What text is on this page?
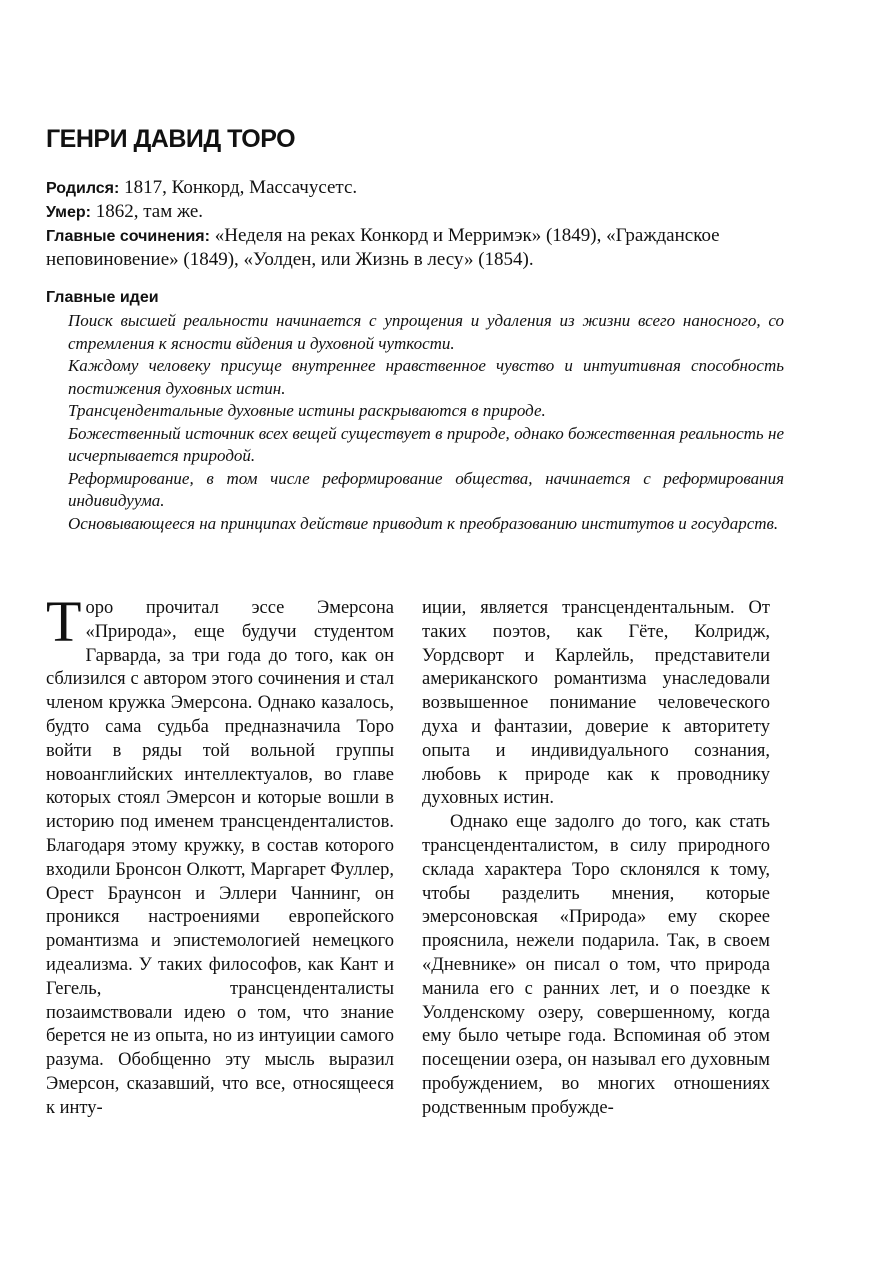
ГЕНРИ ДАВИД ТОРО

Родился: 1817, Конкорд, Массачусетс.

Умер: 1862, там же.

Главные сочинения: «Неделя на реках Конкорд и Мерримэк» (1849), «Гражданское неповиновение» (1849), «Уолден, или Жизнь в лесу» (1854).

Главные идеи

Поиск высшей реальности начинается с упрощения и удаления из жизни всего наносного, со стремления к ясности вйдения и духовной чуткости.

Каждому человеку присуще внутреннее нравственное чувство и интуитивная способность постижения духовных истин.

Трансцендентальные духовные истины раскрываются в природе.

Божественный источник всех вещей существует в природе, однако божественная реальность не исчерпывается природой.

Реформирование, в том числе реформирование общества, начинается с реформирования индивидуума.

Основывающееся на принципах действие приводит к преобразованию институтов и государств.

Торо прочитал эссе Эмерсона «Природа», еще будучи студентом Гарварда, за три года до того, как он сблизился с автором этого сочинения и стал членом кружка Эмерсона. Однако казалось, будто сама судьба предназначила Торо войти в ряды той вольной группы новоанглийских интеллектуалов, во главе которых стоял Эмерсон и которые вошли в историю под именем трансценденталистов. Благодаря этому кружку, в состав которого входили Бронсон Олкотт, Маргарет Фуллер, Орест Браунсон и Эллери Чаннинг, он проникся настроениями европейского романтизма и эпистемологией немецкого идеализма. У таких философов, как Кант и Гегель, трансценденталисты позаимствовали идею о том, что знание берется не из опыта, но из интуиции самого разума. Обобщенно эту мысль выразил Эмерсон, сказавший, что все, относящееся к инту-

иции, является трансцендентальным. От таких поэтов, как Гёте, Колридж, Уордсворт и Карлейль, представители американского романтизма унаследовали возвышенное понимание человеческого духа и фантазии, доверие к авторитету опыта и индивидуального сознания, любовь к природе как к проводнику духовных истин.

Однако еще задолго до того, как стать трансценденталистом, в силу природного склада характера Торо склонялся к тому, чтобы разделить мнения, которые эмерсоновская «Природа» ему скорее прояснила, нежели подарила. Так, в своем «Дневнике» он писал о том, что природа манила его с ранних лет, и о поездке к Уолденскому озеру, совершенному, когда ему было четыре года. Вспоминая об этом посещении озера, он называл его духовным пробуждением, во многих отношениях родственным пробужде-
